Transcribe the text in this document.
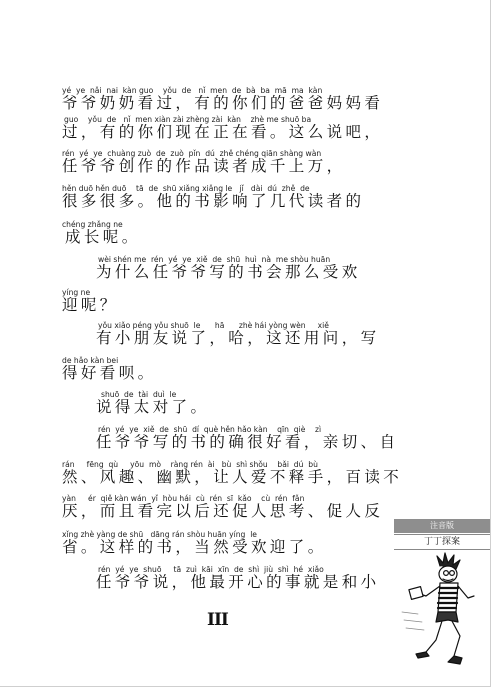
yé  ye  nǎi  nai  kàn guo    yǒu  de   nǐ  men  de  bà  ba  mā  ma  kàn
爷爷奶奶看过，有的你们的爸爸妈妈看
guo    yǒu  de   nǐ  men xiàn zài zhèng zài  kàn    zhè me shuō ba
过，有的你们现在正在看。这么说吧，
rén  yé  ye  chuàng zuò  de  zuò  pǐn  dú  zhě chéng qiān shàng wàn
任爷爷创作的作品读者成千上万，
hěn duō hěn duō    tā  de  shū xiǎng xiǎng le   jǐ   dài  dú  zhě  de
很多很多。他的书影响了几代读者的
chéng zhǎng ne
成长呢。
wèi shén me  rén  yé  ye  xiě  de  shū  huì  nà  me shòu huān
为什么任爷爷写的书会那么受欢
yíng ne
迎呢？
yǒu xiǎo péng yǒu shuō  le      hā      zhè hái yòng wèn     xiě
有小朋友说了，哈，这还用问，写
de hǎo kàn bei
得好看呗。
shuō  de  tài  duì  le
说得太对了。
rén  yé  ye  xiě  de  shū  dí  què hěn hǎo kàn    qīn  qiè    zì
任爷爷写的书的确很好看，亲切、自
rán     fēng  qù     yōu  mò    ràng rén  ài   bù  shì shǒu    bǎi  dú  bù
然、风趣、幽默，让人爱不释手，百读不
yàn     ér  qiě kàn wán  yǐ  hòu hái  cù  rén  sī  kǎo    cù  rén  fǎn
厌，而且看完以后还促人思考、促人反
xǐng zhè yàng de shū   dāng rán shòu huān yíng  le
省。这样的书，当然受欢迎了。
rén  yé  ye  shuō     tā  zuì  kāi  xīn  de  shì  jiù  shì  hé  xiǎo
任爷爷说，他最开心的事就是和小
III
注音版
丁丁探案
